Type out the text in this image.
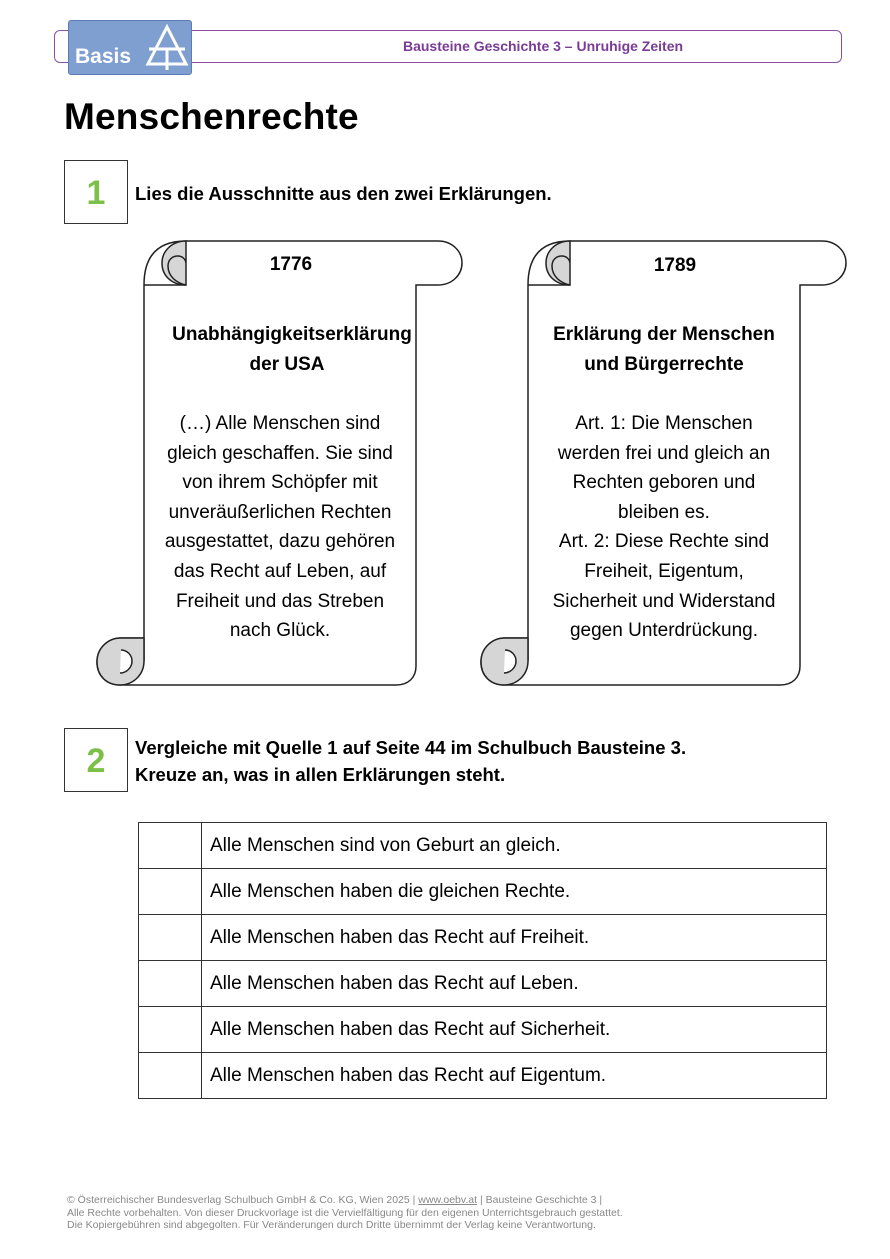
Bausteine Geschichte 3 – Unruhige Zeiten
Basis
Menschenrechte
1	Lies die Ausschnitte aus den zwei Erklärungen.
1776
Unabhängigkeitserklärung
der USA
(…) Alle Menschen sind
gleich geschaffen. Sie sind
von ihrem Schöpfer mit
unveräußerlichen Rechten
ausgestattet, dazu gehören
das Recht auf Leben, auf
Freiheit und das Streben
nach Glück.
1789
Erklärung der Menschen
und Bürgerrechte
Art. 1: Die Menschen
werden frei und gleich an
Rechten geboren und
bleiben es.
Art. 2: Diese Rechte sind
Freiheit, Eigentum,
Sicherheit und Widerstand
gegen Unterdrückung.
2	Vergleiche mit Quelle 1 auf Seite 44 im Schulbuch Bausteine 3.
Kreuze an, was in allen Erklärungen steht.
	Alle Menschen sind von Geburt an gleich.
	Alle Menschen haben die gleichen Rechte.
	Alle Menschen haben das Recht auf Freiheit.
	Alle Menschen haben das Recht auf Leben.
	Alle Menschen haben das Recht auf Sicherheit.
	Alle Menschen haben das Recht auf Eigentum.
© Österreichischer Bundesverlag Schulbuch GmbH & Co. KG, Wien 2025 | www.oebv.at | Bausteine Geschichte 3 |
Alle Rechte vorbehalten. Von dieser Druckvorlage ist die Vervielfältigung für den eigenen Unterrichtsgebrauch gestattet.
Die Kopiergebühren sind abgegolten. Für Veränderungen durch Dritte übernimmt der Verlag keine Verantwortung.
